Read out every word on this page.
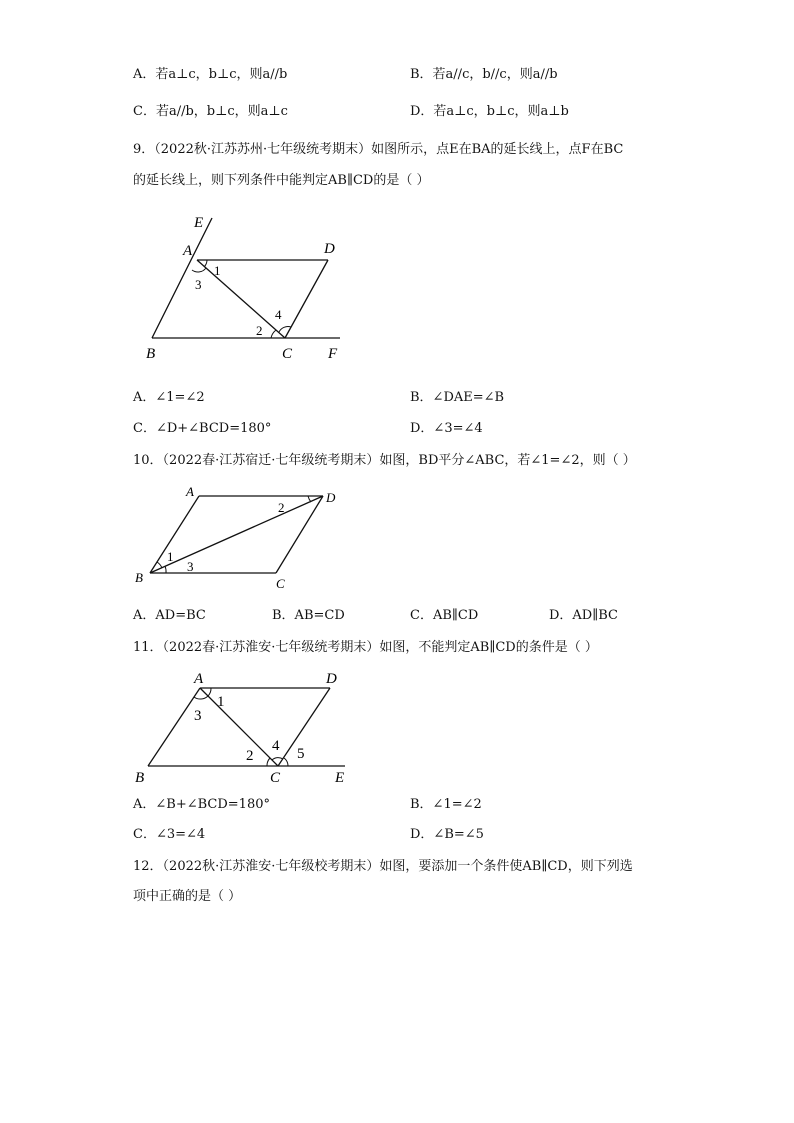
A．若a⊥c，b⊥c，则a//b	B．若a//c，b//c，则a//b
C．若a//b，b⊥c，则a⊥c	D．若a⊥c，b⊥c，则a⊥b
9．（2022秋·江苏苏州·七年级统考期末）如图所示，点E在BA的延长线上，点F在BC
的延长线上，则下列条件中能判定AB∥CD的是（ ）
E
A	D
B	C F
1
2
3
4
A．∠1=∠2	B．∠DAE=∠B
C．∠D+∠BCD=180°	D．∠3=∠4
10．（2022春·江苏宿迁·七年级统考期末）如图，BD平分∠ABC，若∠1=∠2，则（ ）
A	D
B	C
1
2
3
A．AD=BC	B．AB=CD	C．AB∥CD	D．AD∥BC
11．（2022春·江苏淮安·七年级统考期末）如图，不能判定AB∥CD的条件是（ ）
A	D
B	C	E
1
2
3
4 5
A．∠B+∠BCD=180°	B．∠1=∠2
C．∠3=∠4	D．∠B=∠5
12．（2022秋·江苏淮安·七年级校考期末）如图，要添加一个条件使AB∥CD，则下列选
项中正确的是（ ）
